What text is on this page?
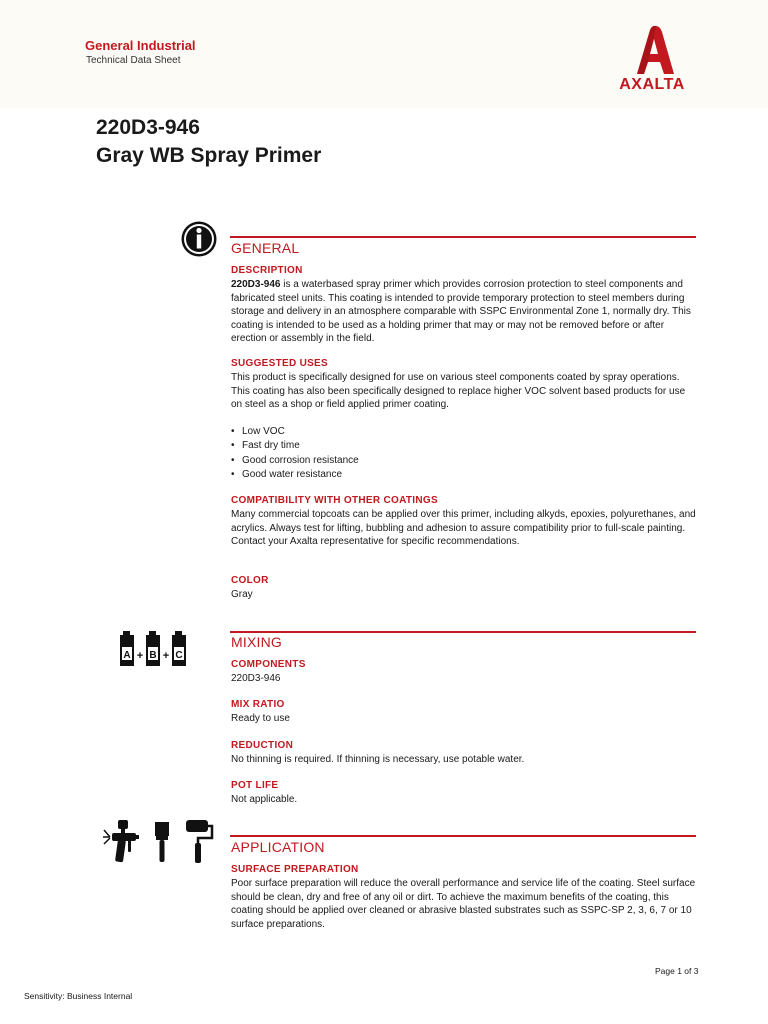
General Industrial
Technical Data Sheet
AXALTA
220D3-946
Gray WB Spray Primer
GENERAL
DESCRIPTION
220D3-946 is a waterbased spray primer which provides corrosion protection to steel components and fabricated steel units. This coating is intended to provide temporary protection to steel members during storage and delivery in an atmosphere comparable with SSPC Environmental Zone 1, normally dry. This coating is intended to be used as a holding primer that may or may not be removed before or after erection or assembly in the field.
SUGGESTED USES
This product is specifically designed for use on various steel components coated by spray operations. This coating has also been specifically designed to replace higher VOC solvent based products for use on steel as a shop or field applied primer coating.
• Low VOC
• Fast dry time
• Good corrosion resistance
• Good water resistance
COMPATIBILITY WITH OTHER COATINGS
Many commercial topcoats can be applied over this primer, including alkyds, epoxies, polyurethanes, and acrylics. Always test for lifting, bubbling and adhesion to assure compatibility prior to full-scale painting. Contact your Axalta representative for specific recommendations.
COLOR
Gray
A + B + C
MIXING
COMPONENTS
220D3-946
MIX RATIO
Ready to use
REDUCTION
No thinning is required. If thinning is necessary, use potable water.
POT LIFE
Not applicable.
APPLICATION
SURFACE PREPARATION
Poor surface preparation will reduce the overall performance and service life of the coating. Steel surface should be clean, dry and free of any oil or dirt. To achieve the maximum benefits of the coating, this coating should be applied over cleaned or abrasive blasted substrates such as SSPC-SP 2, 3, 6, 7 or 10 surface preparations.
Page 1 of 3
Sensitivity: Business Internal
